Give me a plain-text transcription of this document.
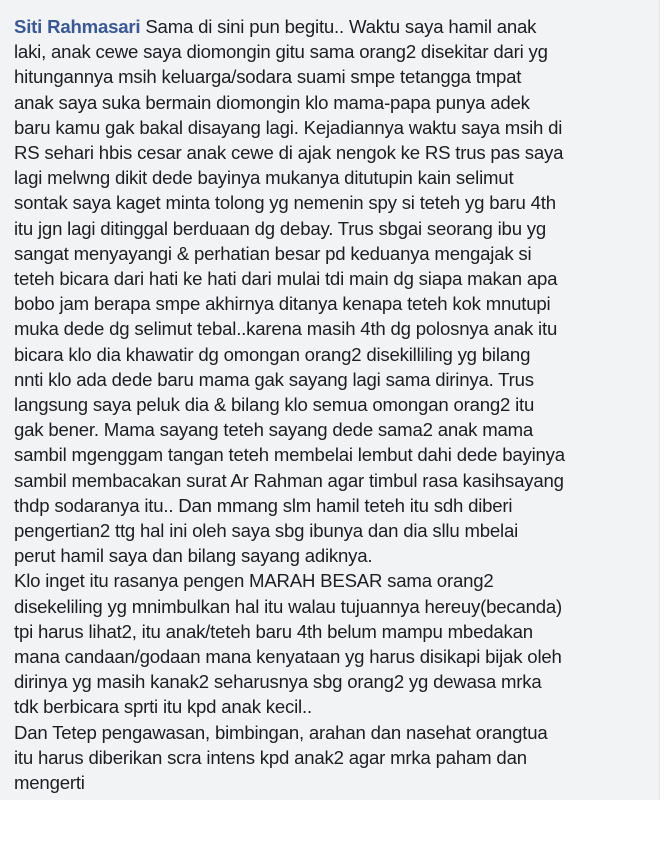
Siti Rahmasari Sama di sini pun begitu.. Waktu saya hamil anak
laki, anak cewe saya diomongin gitu sama orang2 disekitar dari yg
hitungannya msih keluarga/sodara suami smpe tetangga tmpat
anak saya suka bermain diomongin klo mama-papa punya adek
baru kamu gak bakal disayang lagi. Kejadiannya waktu saya msih di
RS sehari hbis cesar anak cewe di ajak nengok ke RS trus pas saya
lagi melwng dikit dede bayinya mukanya ditutupin kain selimut
sontak saya kaget minta tolong yg nemenin spy si teteh yg baru 4th
itu jgn lagi ditinggal berduaan dg debay. Trus sbgai seorang ibu yg
sangat menyayangi & perhatian besar pd keduanya mengajak si
teteh bicara dari hati ke hati dari mulai tdi main dg siapa makan apa
bobo jam berapa smpe akhirnya ditanya kenapa teteh kok mnutupi
muka dede dg selimut tebal..karena masih 4th dg polosnya anak itu
bicara klo dia khawatir dg omongan orang2 disekilliling yg bilang
nnti klo ada dede baru mama gak sayang lagi sama dirinya. Trus
langsung saya peluk dia & bilang klo semua omongan orang2 itu
gak bener. Mama sayang teteh sayang dede sama2 anak mama
sambil mgenggam tangan teteh membelai lembut dahi dede bayinya
sambil membacakan surat Ar Rahman agar timbul rasa kasihsayang
thdp sodaranya itu.. Dan mmang slm hamil teteh itu sdh diberi
pengertian2 ttg hal ini oleh saya sbg ibunya dan dia sllu mbelai
perut hamil saya dan bilang sayang adiknya.
Klo inget itu rasanya pengen MARAH BESAR sama orang2
disekeliling yg mnimbulkan hal itu walau tujuannya hereuy(becanda)
tpi harus lihat2, itu anak/teteh baru 4th belum mampu mbedakan
mana candaan/godaan mana kenyataan yg harus disikapi bijak oleh
dirinya yg masih kanak2 seharusnya sbg orang2 yg dewasa mrka
tdk berbicara sprti itu kpd anak kecil..
Dan Tetep pengawasan, bimbingan, arahan dan nasehat orangtua
itu harus diberikan scra intens kpd anak2 agar mrka paham dan
mengerti
